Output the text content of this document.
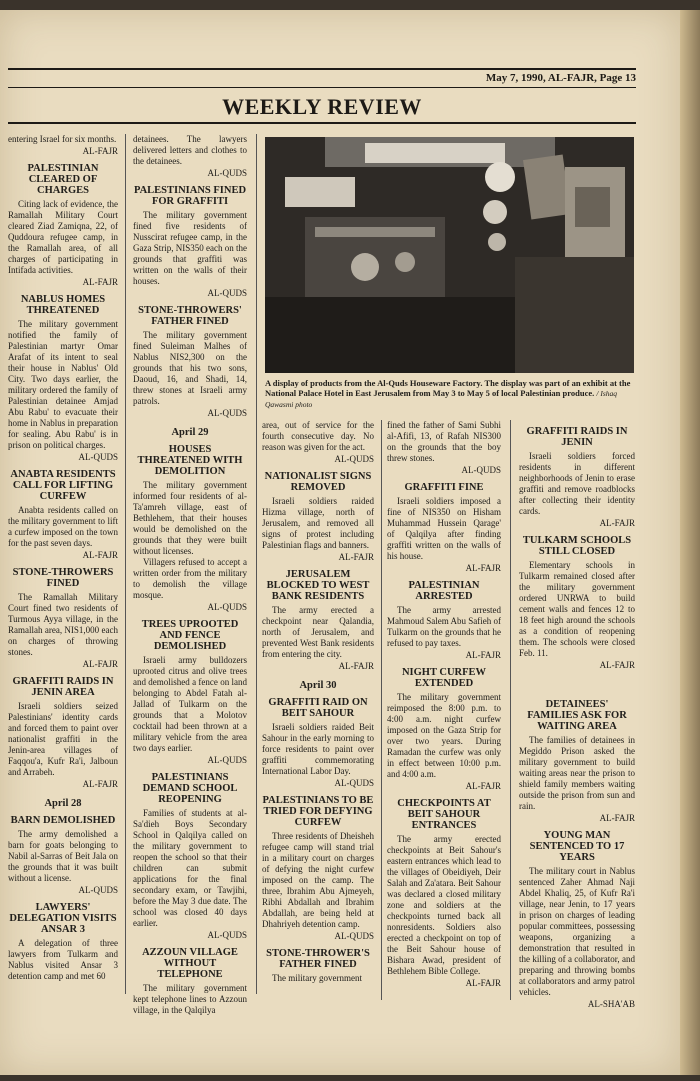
May 7, 1990, AL-FAJR, Page 13
WEEKLY REVIEW

entering Israel for six months.

AL-FAJR
PALESTINIAN CLEARED OF CHARGES

Citing lack of evidence, the Ramallah Military Court cleared Ziad Zamiqna, 22, of Quddoura refugee camp, in the Ramallah area, of all charges of participating in Intifada activities.

AL-FAJR
NABLUS HOMES THREATENED

The military government notified the family of Palestinian martyr Omar Arafat of its intent to seal their house in Nablus' Old City. Two days earlier, the military ordered the family of Palestinian detainee Amjad Abu Rabu' to evacuate their home in Nablus in preparation for sealing. Abu Rabu' is in prison on political charges.

AL-QUDS
ANABTA RESIDENTS CALL FOR LIFTING CURFEW

Anabta residents called on the military government to lift a curfew imposed on the town for the past seven days.

AL-FAJR
STONE-THROWERS FINED

The Ramallah Military Court fined two residents of Turmous Ayya village, in the Ramallah area, NIS1,000 each on charges of throwing stones.

AL-FAJR
GRAFFITI RAIDS IN JENIN AREA

Israeli soldiers seized Palestinians' identity cards and forced them to paint over nationalist graffiti in the Jenin-area villages of Faqqou'a, Kufr Ra'i, Jalboun and Arrabeh.

AL-FAJR
April 28
BARN DEMOLISHED

The army demolished a barn for goats belonging to Nabil al-Sarras of Beit Jala on the grounds that it was built without a license.

AL-QUDS
LAWYERS' DELEGATION VISITS ANSAR 3

A delegation of three lawyers from Tulkarm and Nablus visited Ansar 3 detention camp and met 60

detainees. The lawyers delivered letters and clothes to the detainees.

AL-QUDS
PALESTINIANS FINED FOR GRAFFITI

The military government fined five residents of Nusscirat refugee camp, in the Gaza Strip, NIS350 each on the grounds that graffiti was written on the walls of their houses.

AL-QUDS
STONE-THROWERS' FATHER FINED

The military government fined Suleiman Malhes of Nablus NIS2,300 on the grounds that his two sons, Daoud, 16, and Shadi, 14, threw stones at Israeli army patrols.

AL-QUDS
April 29
HOUSES THREATENED WITH DEMOLITION

The military government informed four residents of al-Ta'amreh village, east of Bethlehem, that their houses would be demolished on the grounds that they were built without licenses.

Villagers refused to accept a written order from the military to demolish the village mosque.

AL-QUDS
TREES UPROOTED AND FENCE DEMOLISHED

Israeli army bulldozers uprooted citrus and olive trees and demolished a fence on land belonging to Abdel Fatah al-Jallad of Tulkarm on the grounds that a Molotov cocktail had been thrown at a military vehicle from the area two days earlier.

AL-QUDS
PALESTINIANS DEMAND SCHOOL REOPENING

Families of students at al-Sa'dieh Boys Secondary School in Qalqilya called on the military government to reopen the school so that their children can submit applications for the final secondary exam, or Tawjihi, before the May 3 due date. The school was closed 40 days earlier.

AL-QUDS
AZZOUN VILLAGE WITHOUT TELEPHONE

The military government kept telephone lines to Azzoun village, in the Qalqilya

A display of products from the Al-Quds Houseware Factory. The display was part of an exhibit at the National Palace Hotel in East Jerusalem from May 3 to May 5 of local Palestinian produce. / Ishaq Qawasmi photo

area, out of service for the fourth consecutive day. No reason was given for the act.

AL-QUDS
NATIONALIST SIGNS REMOVED

Israeli soldiers raided Hizma village, north of Jerusalem, and removed all signs of protest including Palestinian flags and banners.

AL-FAJR
JERUSALEM BLOCKED TO WEST BANK RESIDENTS

The army erected a checkpoint near Qalandia, north of Jerusalem, and prevented West Bank residents from entering the city.

AL-FAJR
April 30
GRAFFITI RAID ON BEIT SAHOUR

Israeli soldiers raided Beit Sahour in the early morning to force residents to paint over graffiti commemorating International Labor Day.

AL-QUDS
PALESTINIANS TO BE TRIED FOR DEFYING CURFEW

Three residents of Dheisheh refugee camp will stand trial in a military court on charges of defying the night curfew imposed on the camp. The three, Ibrahim Abu Ajmeyeh, Ribhi Abdallah and Ibrahim Abdallah, are being held at Dhahriyeh detention camp.

AL-QUDS
STONE-THROWER'S FATHER FINED

The military government

fined the father of Sami Subhi al-Afifi, 13, of Rafah NIS300 on the grounds that the boy threw stones.

AL-QUDS
GRAFFITI FINE

Israeli soldiers imposed a fine of NIS350 on Hisham Muhammad Hussein Qarage' of Qalqilya after finding graffiti written on the walls of his house.

AL-FAJR
PALESTINIAN ARRESTED

The army arrested Mahmoud Salem Abu Safieh of Tulkarm on the grounds that he refused to pay taxes.

AL-FAJR
NIGHT CURFEW EXTENDED

The military government reimposed the 8:00 p.m. to 4:00 a.m. night curfew imposed on the Gaza Strip for over two years. During Ramadan the curfew was only in effect between 10:00 p.m. and 4:00 a.m.

AL-FAJR
CHECKPOINTS AT BEIT SAHOUR ENTRANCES

The army erected checkpoints at Beit Sahour's eastern entrances which lead to the villages of Obeidiyeh, Deir Salah and Za'atara. Beit Sahour was declared a closed military zone and soldiers at the checkpoints turned back all nonresidents. Soldiers also erected a checkpoint on top of the Beit Sahour house of Bishara Awad, president of Bethlehem Bible College.

AL-FAJR
GRAFFITI RAIDS IN JENIN

Israeli soldiers forced residents in different neighborhoods of Jenin to erase graffiti and remove roadblocks after collecting their identity cards.

AL-FAJR
TULKARM SCHOOLS STILL CLOSED

Elementary schools in Tulkarm remained closed after the military government ordered UNRWA to build cement walls and fences 12 to 18 feet high around the schools as a condition of reopening them. The schools were closed Feb. 11.

AL-FAJR
DETAINEES' FAMILIES ASK FOR WAITING AREA

The families of detainees in Megiddo Prison asked the military government to build waiting areas near the prison to shield family members waiting outside the prison from sun and rain.

AL-FAJR
YOUNG MAN SENTENCED TO 17 YEARS

The military court in Nablus sentenced Zaher Ahmad Naji Abdel Khaliq, 25, of Kufr Ra'i village, near Jenin, to 17 years in prison on charges of leading popular committees, possessing weapons, organizing a demonstration that resulted in the killing of a collaborator, and preparing and throwing bombs at collaborators and army patrol vehicles.

AL-SHA'AB
